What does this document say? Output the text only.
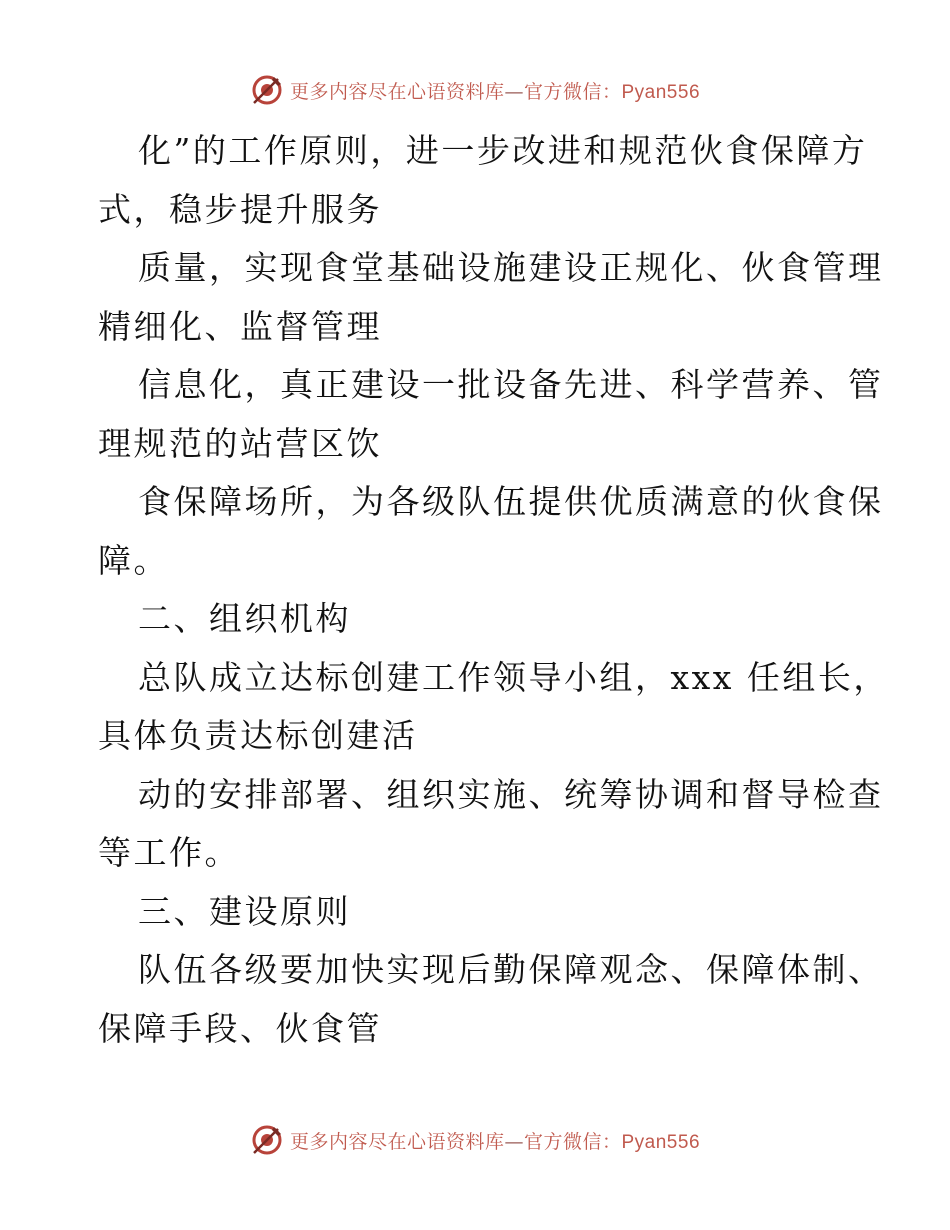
更多内容尽在心语资料库—官方微信：Pyan556
化”的工作原则，进一步改进和规范伙食保障方
式，稳步提升服务
质量，实现食堂基础设施建设正规化、伙食管理
精细化、监督管理
信息化，真正建设一批设备先进、科学营养、管
理规范的站营区饮
食保障场所，为各级队伍提供优质满意的伙食保
障。
二、组织机构
总队成立达标创建工作领导小组，xxx 任组长，
具体负责达标创建活
动的安排部署、组织实施、统筹协调和督导检查
等工作。
三、建设原则
队伍各级要加快实现后勤保障观念、保障体制、
保障手段、伙食管
更多内容尽在心语资料库—官方微信：Pyan556
